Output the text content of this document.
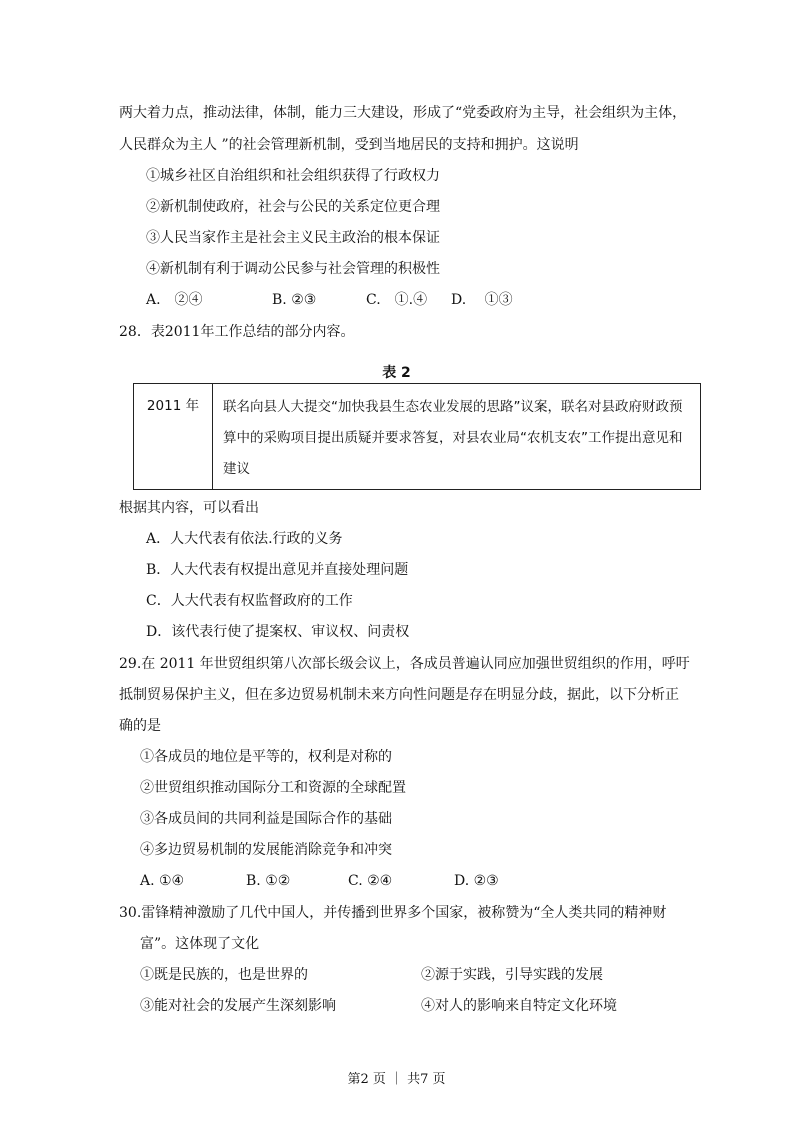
两大着力点，推动法律，体制，能力三大建设，形成了“党委政府为主导，社会组织为主体，
人民群众为主人 ”的社会管理新机制，受到当地居民的支持和拥护。这说明
①城乡社区自治组织和社会组织获得了行政权力
②新机制使政府，社会与公民的关系定位更合理
③人民当家作主是社会主义民主政治的根本保证
④新机制有利于调动公民参与社会管理的积极性
A.　②④	B. ②③	C.　①.④ D.　 ①③
28．表2011年工作总结的部分内容。
表 2
2011 年	联名向县人大提交“加快我县生态农业发展的思路”议案，联名对县政府财政预算中的采购项目提出质疑并要求答复，对县农业局“农机支农”工作提出意见和建议
根据其内容，可以看出
A．人大代表有依法.行政的义务
B．人大代表有权提出意见并直接处理问题
C．人大代表有权监督政府的工作
D．该代表行使了提案权、审议权、问责权
29.在 2011 年世贸组织第八次部长级会议上，各成员普遍认同应加强世贸组织的作用，呼吁
抵制贸易保护主义，但在多边贸易机制未来方向性问题是存在明显分歧，据此，以下分析正
确的是
①各成员的地位是平等的，权利是对称的
②世贸组织推动国际分工和资源的全球配置
③各成员间的共同利益是国际合作的基础
④多边贸易机制的发展能消除竞争和冲突
A. ①④	B. ①②	C. ②④	D. ②③
30.雷锋精神激励了几代中国人，并传播到世界多个国家，被称赞为“全人类共同的精神财
富”。这体现了文化
①既是民族的，也是世界的	②源于实践，引导实践的发展
③能对社会的发展产生深刻影响	④对人的影响来自特定文化环境
第2 页 ｜ 共7 页
